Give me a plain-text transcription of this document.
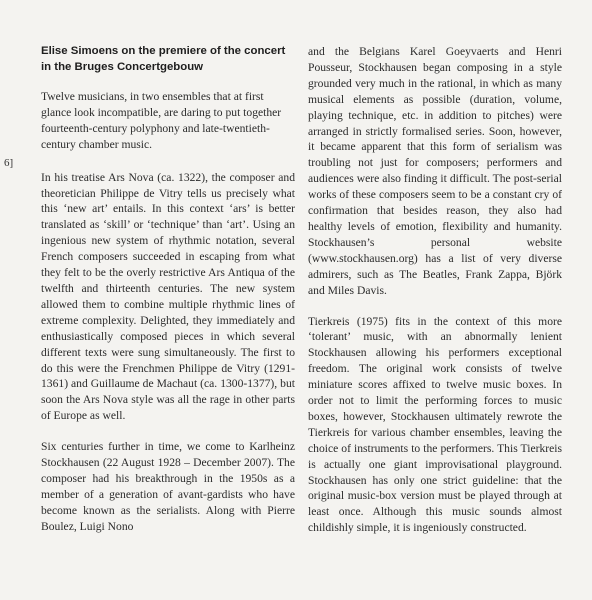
6]
Elise Simoens on the premiere of the concert in the Bruges Concertgebouw

Twelve musicians, in two ensembles that at first glance look incompatible, are daring to put together fourteenth-century polyphony and late-twentieth-century chamber music.

In his treatise Ars Nova (ca. 1322), the composer and theoretician Philippe de Vitry tells us precisely what this ‘new art’ entails. In this context ‘ars’ is better translated as ‘skill’ or ‘technique’ than ‘art’. Using an ingenious new system of rhythmic notation, several French composers succeeded in escaping from what they felt to be the overly restrictive Ars Antiqua of the twelfth and thirteenth centuries. The new system allowed them to combine multiple rhythmic lines of extreme complexity. Delighted, they immediately and enthusiastically composed pieces in which several different texts were sung simultaneously. The first to do this were the Frenchmen Philippe de Vitry (1291-1361) and Guillaume de Machaut (ca. 1300-1377), but soon the Ars Nova style was all the rage in other parts of Europe as well.

Six centuries further in time, we come to Karlheinz Stockhausen (22 August 1928 – December 2007). The composer had his breakthrough in the 1950s as a member of a generation of avant-gardists who have become known as the serialists. Along with Pierre Boulez, Luigi Nono

and the Belgians Karel Goeyvaerts and Henri Pousseur, Stockhausen began composing in a style grounded very much in the rational, in which as many musical elements as possible (duration, volume, playing technique, etc. in addition to pitches) were arranged in strictly formalised series. Soon, however, it became apparent that this form of serialism was troubling not just for composers; performers and audiences were also finding it difficult. The post-serial works of these composers seem to be a constant cry of confirmation that besides reason, they also had healthy levels of emotion, flexibility and humanity. Stockhausen’s personal website (www.stockhausen.org) has a list of very diverse admirers, such as The Beatles, Frank Zappa, Björk and Miles Davis.

Tierkreis (1975) fits in the context of this more ‘tolerant’ music, with an abnormally lenient Stockhausen allowing his performers exceptional freedom. The original work consists of twelve miniature scores affixed to twelve music boxes. In order not to limit the performing forces to music boxes, however, Stockhausen ultimately rewrote the Tierkreis for various chamber ensembles, leaving the choice of instruments to the performers. This Tierkreis is actually one giant improvisational playground. Stockhausen has only one strict guideline: that the original music-box version must be played through at least once. Although this music sounds almost childishly simple, it is ingeniously constructed.
